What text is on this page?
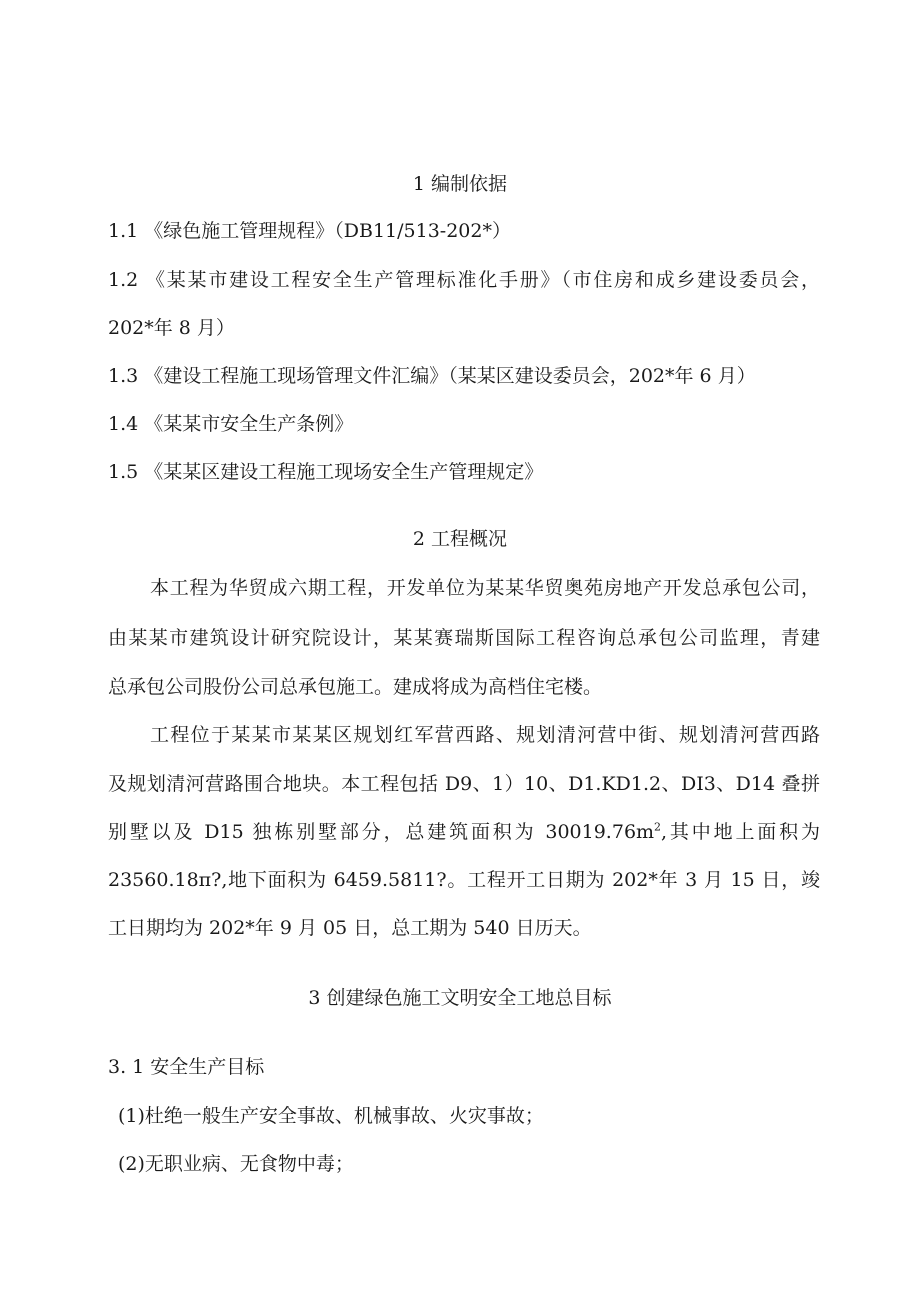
1 编制依据
1.1 《绿色施工管理规程》（DB11/513-202*）
1.2 《某某市建设工程安全生产管理标准化手册》（市住房和成乡建设委员会，
202*年 8 月）
1.3 《建设工程施工现场管理文件汇编》（某某区建设委员会，202*年 6 月）
1.4 《某某市安全生产条例》
1.5 《某某区建设工程施工现场安全生产管理规定》
2 工程概况
本工程为华贸成六期工程，开发单位为某某华贸奥苑房地产开发总承包公司，
由某某市建筑设计研究院设计，某某赛瑞斯国际工程咨询总承包公司监理，青建
总承包公司股份公司总承包施工。建成将成为高档住宅楼。
工程位于某某市某某区规划红军营西路、规划清河营中街、规划清河营西路
及规划清河营路围合地块。本工程包括 D9、1）10、D1.KD1.2、DI3、D14 叠拼
别墅以及 D15 独栋别墅部分，总建筑面积为 $30019.76m^2$,其中地上面积为
23560.18π?,地下面积为 6459.5811?。工程开工日期为 202*年 3 月 15 日，竣
工日期均为 202*年 9 月 05 日，总工期为 540 日历天。
3 创建绿色施工文明安全工地总目标
3. 1 安全生产目标
(1)杜绝一般生产安全事故、机械事故、火灾事故；
(2)无职业病、无食物中毒；
